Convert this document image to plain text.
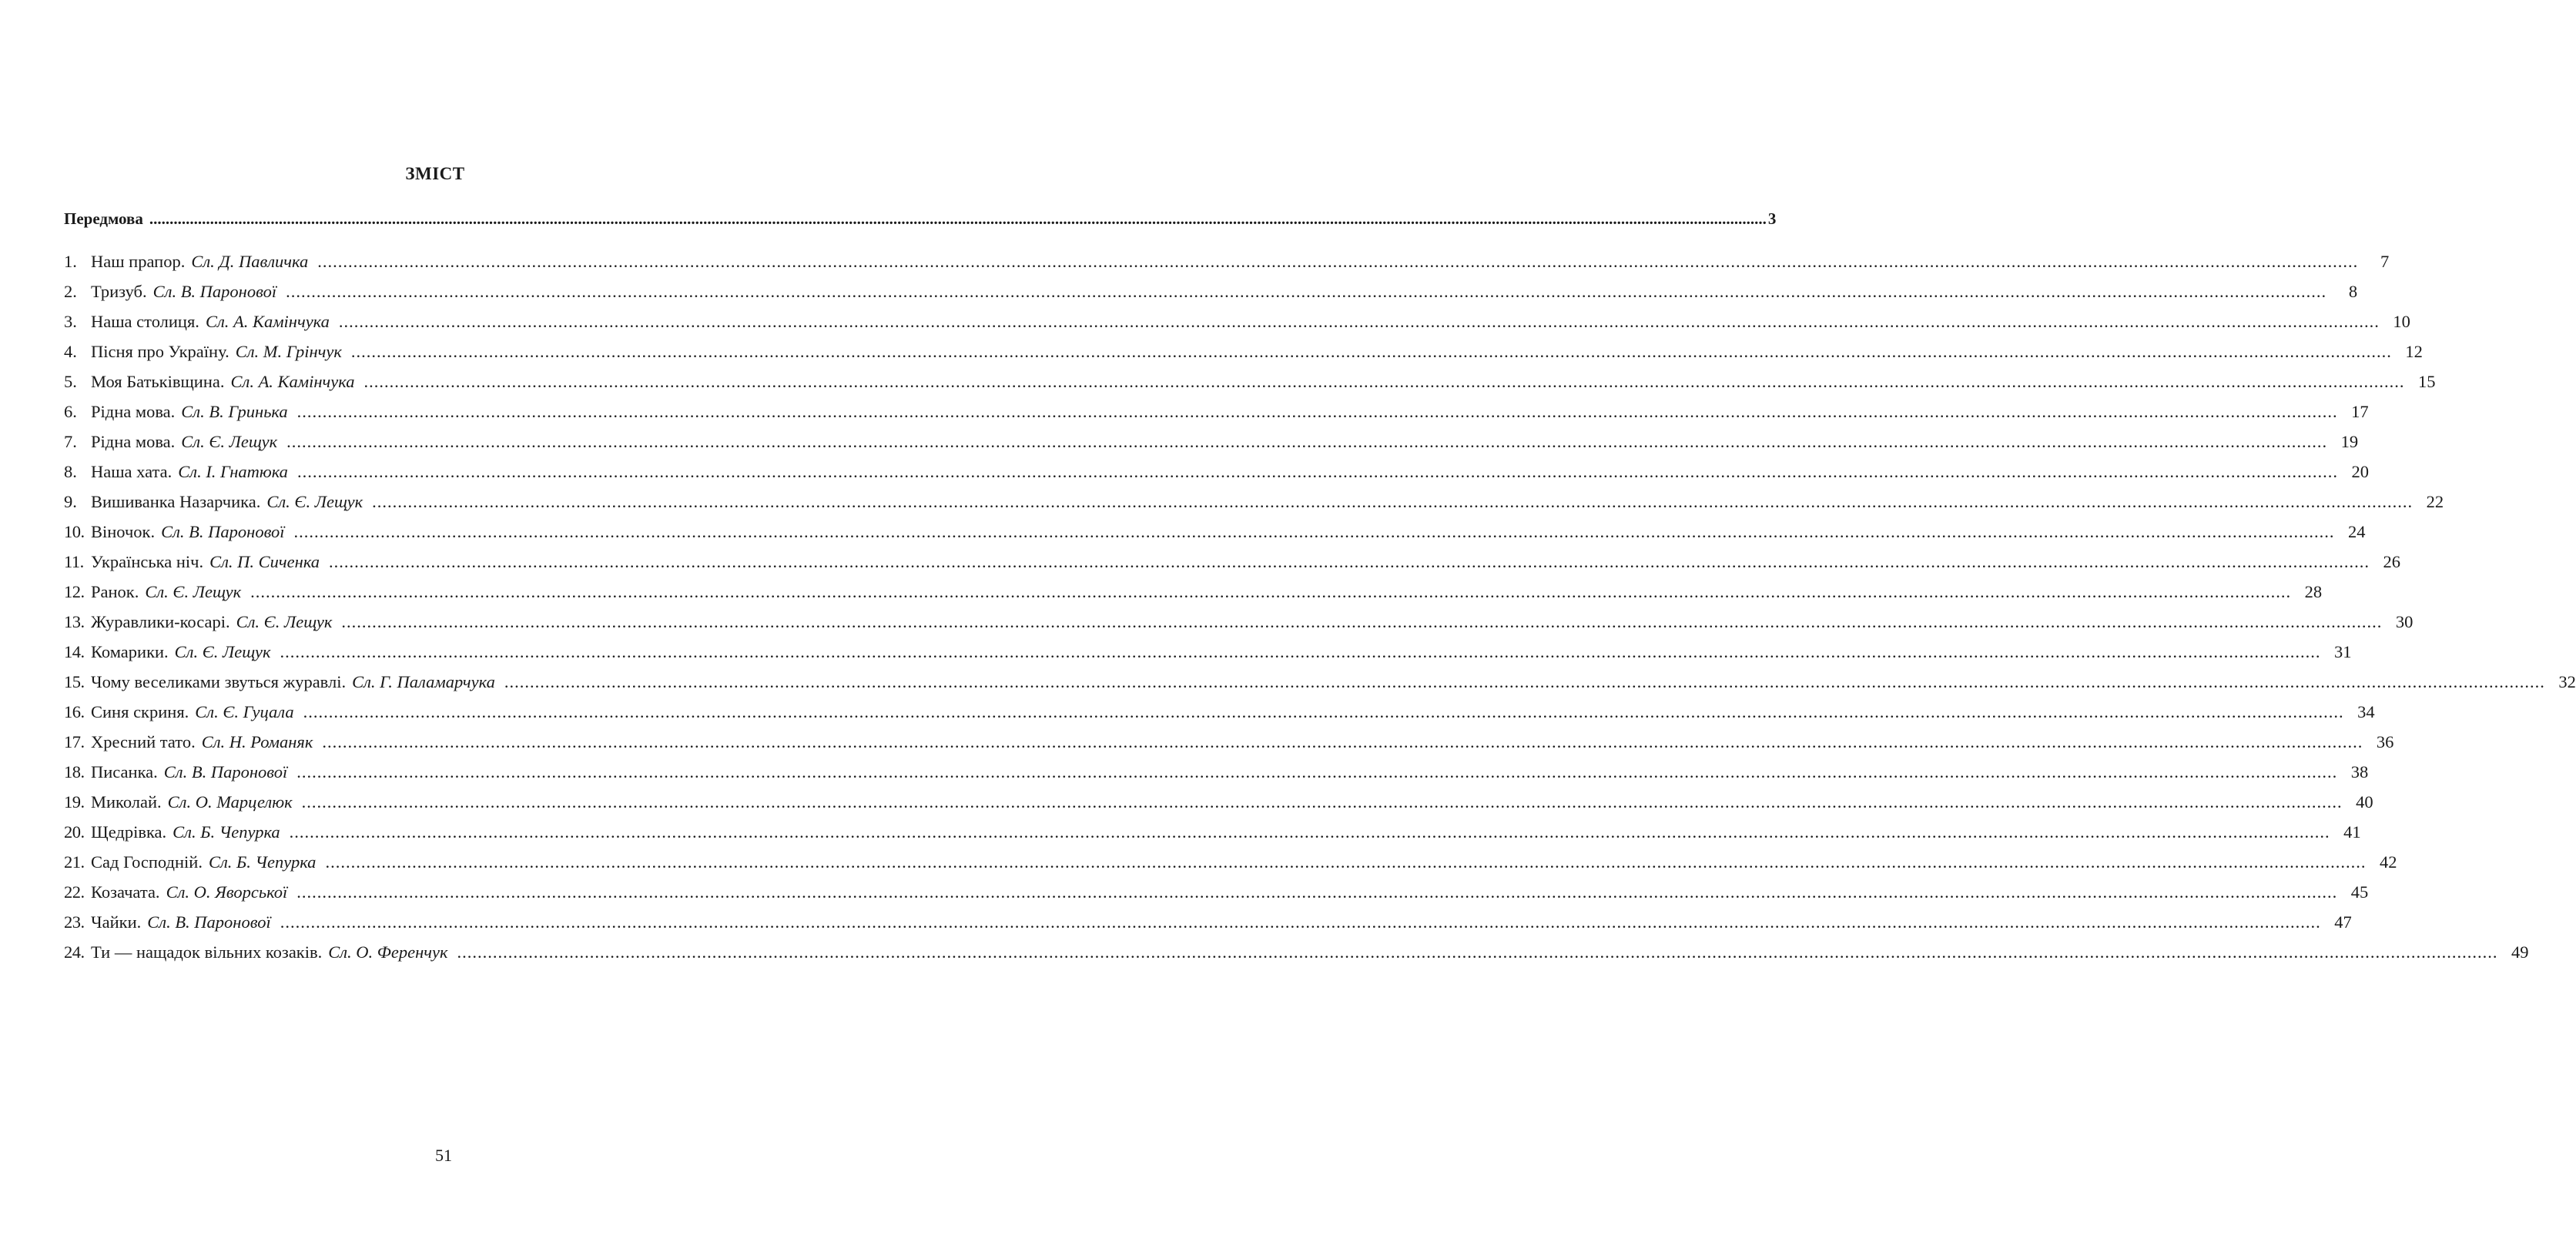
ЗМІСТ
Передмова ................................................................................................................................................................................................................................................................................................................................................................................................................ 3
1. Наш прапор. Сл. Д. Павличка ................................................................................................................................................................................................................................................................................................................................................................................................................	7
2. Тризуб. Сл. В. Паронової ................................................................................................................................................................................................................................................................................................................................................................................................................	8
3. Наша столиця. Сл. А. Камінчука ................................................................................................................................................................................................................................................................................................................................................................................................................ 10
4. Пісня про Україну. Сл. М. Грінчук ................................................................................................................................................................................................................................................................................................................................................................................................................ 12
5. Моя Батьківщина. Сл. А. Камінчука ................................................................................................................................................................................................................................................................................................................................................................................................................ 15
6. Рідна мова. Сл. В. Гринька ................................................................................................................................................................................................................................................................................................................................................................................................................ 17
7. Рідна мова. Сл. Є. Лещук ................................................................................................................................................................................................................................................................................................................................................................................................................ 19
8. Наша хата. Сл. І. Гнатюка ................................................................................................................................................................................................................................................................................................................................................................................................................ 20
9. Вишиванка Назарчика. Сл. Є. Лещук ................................................................................................................................................................................................................................................................................................................................................................................................................ 22
10. Віночок. Сл. В. Паронової ................................................................................................................................................................................................................................................................................................................................................................................................................ 24
11. Українська ніч. Сл. П. Сиченка ................................................................................................................................................................................................................................................................................................................................................................................................................ 26
12. Ранок. Сл. Є. Лещук ................................................................................................................................................................................................................................................................................................................................................................................................................ 28
13. Журавлики-косарі. Сл. Є. Лещук ................................................................................................................................................................................................................................................................................................................................................................................................................ 30
14. Комарики. Сл. Є. Лещук ................................................................................................................................................................................................................................................................................................................................................................................................................ 31
15. Чому веселиками звуться журавлі. Сл. Г. Паламарчука ................................................................................................................................................................................................................................................................................................................................................................................................................ 32
16. Синя скриня. Сл. Є. Гуцала ................................................................................................................................................................................................................................................................................................................................................................................................................ 34
17. Хресний тато. Сл. Н. Романяк ................................................................................................................................................................................................................................................................................................................................................................................................................ 36
18. Писанка. Сл. В. Паронової ................................................................................................................................................................................................................................................................................................................................................................................................................ 38
19. Миколай. Сл. О. Марцелюк ................................................................................................................................................................................................................................................................................................................................................................................................................ 40
20. Щедрівка. Сл. Б. Чепурка ................................................................................................................................................................................................................................................................................................................................................................................................................ 41
21. Сад Господній. Сл. Б. Чепурка ................................................................................................................................................................................................................................................................................................................................................................................................................ 42
22. Козачата. Сл. О. Яворської ................................................................................................................................................................................................................................................................................................................................................................................................................ 45
23. Чайки. Сл. В. Паронової ................................................................................................................................................................................................................................................................................................................................................................................................................ 47
24. Ти — нащадок вільних козаків. Сл. О. Ференчук ................................................................................................................................................................................................................................................................................................................................................................................................................ 49
51
